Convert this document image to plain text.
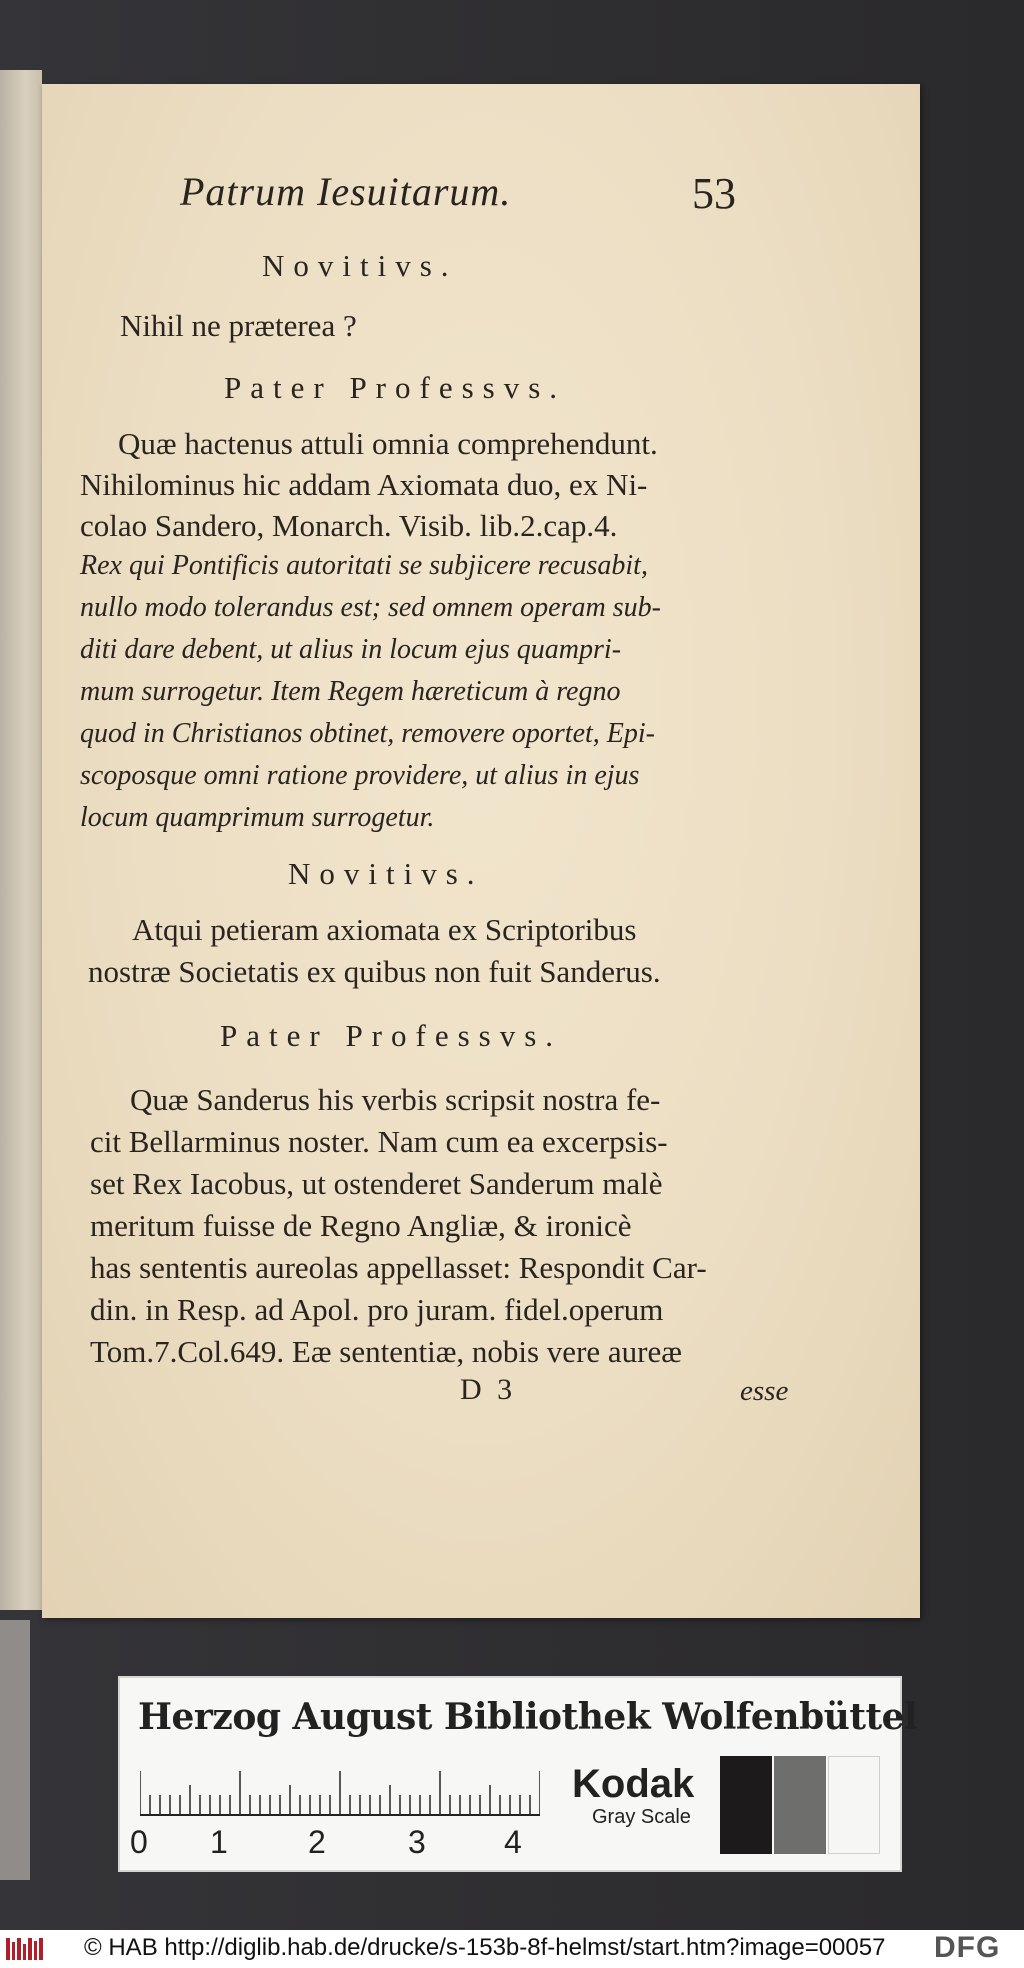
Patrum Iesuitarum.	53
Novitivs.
Nihil ne præterea ?
Pater Professvs.
Quæ hactenus attuli omnia comprehendunt.
Nihilominus hic addam Axiomata duo, ex Ni-
colao Sandero, Monarch. Visib. lib.2.cap.4.
Rex qui Pontificis autoritati se subjicere recusabit,
nullo modo tolerandus est; sed omnem operam sub-
diti dare debent, ut alius in locum ejus quampri-
mum surrogetur. Item Regem hæreticum à regno
quod in Christianos obtinet, removere oportet, Epi-
scoposque omni ratione providere, ut alius in ejus
locum quamprimum surrogetur.
Novitivs.
Atqui petieram axiomata ex Scriptoribus
nostræ Societatis ex quibus non fuit Sanderus.
Pater Professvs.
Quæ Sanderus his verbis scripsit nostra fe-
cit Bellarminus noster. Nam cum ea excerpsis-
set Rex Iacobus, ut ostenderet Sanderum malè
meritum fuisse de Regno Angliæ, & ironicè
has sententis aureolas appellasset: Respondit Car-
din. in Resp. ad Apol. pro juram. fidel.operum
Tom.7.Col.649. Eæ sententiæ, nobis vere aureæ
D 3	esse
Herzog August Bibliothek Wolfenbüttel
0 1	2	3 4
Kodak
Gray Scale
© HAB http://diglib.hab.de/drucke/s-153b-8f-helmst/start.htm?image=00057 DFG
